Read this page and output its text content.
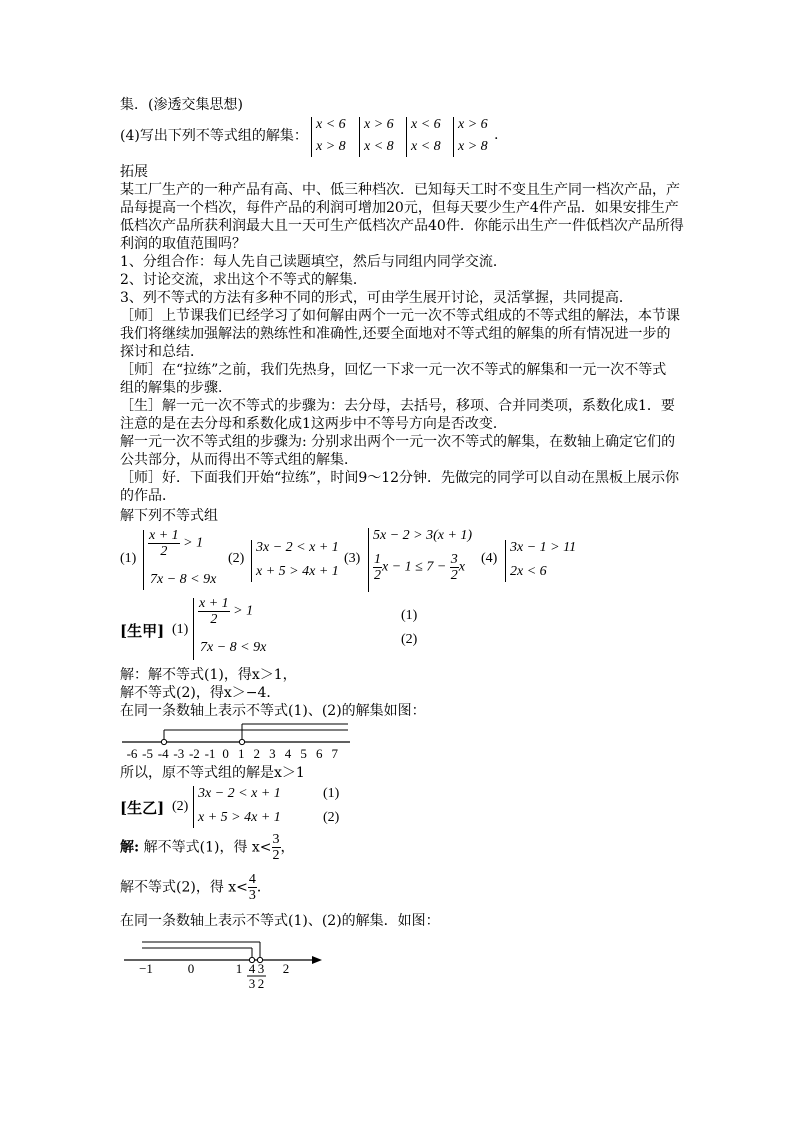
集．(渗透交集思想)
(4)写出下列不等式组的解集：
x < 6
x > 8
x > 6
x < 8
x < 6
x < 8
x > 6
x > 8
.
拓展
某工厂生产的一种产品有高、中、低三种档次．已知每天工时不变且生产同一档次产品，产
品每提高一个档次，每件产品的利润可增加20元，但每天要少生产4件产品．如果安排生产
低档次产品所获利润最大且一天可生产低档次产品40件．你能示出生产一件低档次产品所得
利润的取值范围吗？
1、分组合作：每人先自己读题填空，然后与同组内同学交流．
2、讨论交流，求出这个不等式的解集．
3、列不等式的方法有多种不同的形式，可由学生展开讨论，灵活掌握，共同提高．
［师］上节课我们已经学习了如何解由两个一元一次不等式组成的不等式组的解法，本节课
我们将继续加强解法的熟练性和准确性,还要全面地对不等式组的解集的所有情况进一步的
探讨和总结．
［师］在“拉练”之前，我们先热身，回忆一下求一元一次不等式的解集和一元一次不等式
组的解集的步骤．
［生］解一元一次不等式的步骤为：去分母，去括号，移项、合并同类项，系数化成1．要
注意的是在去分母和系数化成1这两步中不等号方向是否改变．
解一元一次不等式组的步骤为: 分别求出两个一元一次不等式的解集，在数轴上确定它们的
公共部分，从而得出不等式组的解集．
［师］好．下面我们开始“拉练”，时间9～12分钟．先做完的同学可以自动在黑板上展示你
的作品．
解下列不等式组
$(1) \frac{x + 1}{2} > 1$
7x − 8 < 9x
(2)
3x − 2 < x + 1
x + 5 > 4x + 1
(3)
5x − 2 > 3(x + 1)
$\frac{1}{2}$ $x - 1 \le 7 - \frac{3}{2}$ x
(4)
3x − 1 > 11
2x < 6
[生甲] (1)
$\frac{x + 1}{2} > 1$
7x − 8 < 9x
(1)
(2)
解：解不等式(1)，得x＞1，
解不等式(2)，得x＞−4．
在同一条数轴上表示不等式(1)、(2)的解集如图：
-6 -5 -4 -3 -2 -1 0 1 2 3 4 5 6 7
所以，原不等式组的解是x＞1
[生乙] (2)
3x − 2 < x + 1
x + 5 > 4x + 1
(1)
(2)
解: 解不等式(1)，得 $x< \frac{3}{2}$ ，
解不等式(2)，得 $x< \frac{4}{3}$ ．
在同一条数轴上表示不等式(1)、(2)的解集．如图：
−1	0	1	2
4
3
3
2
